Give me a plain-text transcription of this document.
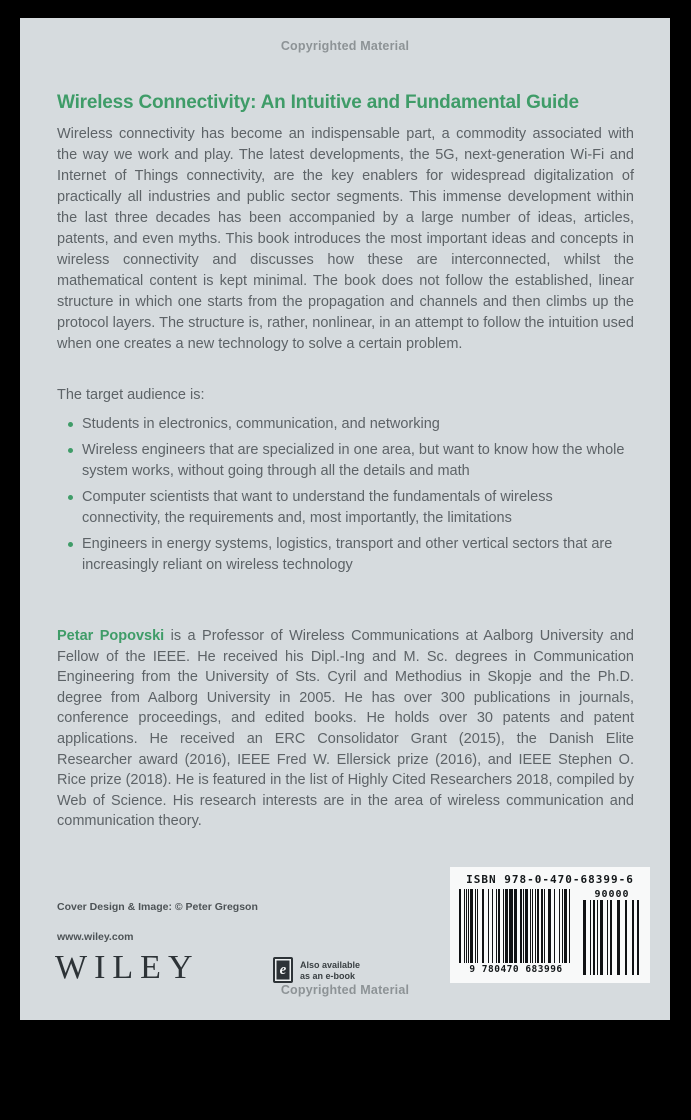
Copyrighted Material
Wireless Connectivity: An Intuitive and Fundamental Guide
Wireless connectivity has become an indispensable part, a commodity associated with the way we work and play. The latest developments, the 5G, next-generation Wi-Fi and Internet of Things connectivity, are the key enablers for widespread digitalization of practically all industries and public sector segments. This immense development within the last three decades has been accompanied by a large number of ideas, articles, patents, and even myths. This book introduces the most important ideas and concepts in wireless connectivity and discusses how these are interconnected, whilst the mathematical content is kept minimal. The book does not follow the established, linear structure in which one starts from the propagation and channels and then climbs up the protocol layers. The structure is, rather, nonlinear, in an attempt to follow the intuition used when one creates a new technology to solve a certain problem.
The target audience is:
Students in electronics, communication, and networking
Wireless engineers that are specialized in one area, but want to know how the whole system works, without going through all the details and math
Computer scientists that want to understand the fundamentals of wireless connectivity, the requirements and, most importantly, the limitations
Engineers in energy systems, logistics, transport and other vertical sectors that are increasingly reliant on wireless technology
Petar Popovski is a Professor of Wireless Communications at Aalborg University and Fellow of the IEEE. He received his Dipl.-Ing and M. Sc. degrees in Communication Engineering from the University of Sts. Cyril and Methodius in Skopje and the Ph.D. degree from Aalborg University in 2005. He has over 300 publications in journals, conference proceedings, and edited books. He holds over 30 patents and patent applications. He received an ERC Consolidator Grant (2015), the Danish Elite Researcher award (2016), IEEE Fred W. Ellersick prize (2016), and IEEE Stephen O. Rice prize (2018). He is featured in the list of Highly Cited Researchers 2018, compiled by Web of Science. His research interests are in the area of wireless communication and communication theory.
Cover Design & Image: © Peter Gregson
www.wiley.com
WILEY	e Also available
as an e-book
ISBN 978-0-470-68399-6
9 780470 683996
90000
Copyrighted Material
